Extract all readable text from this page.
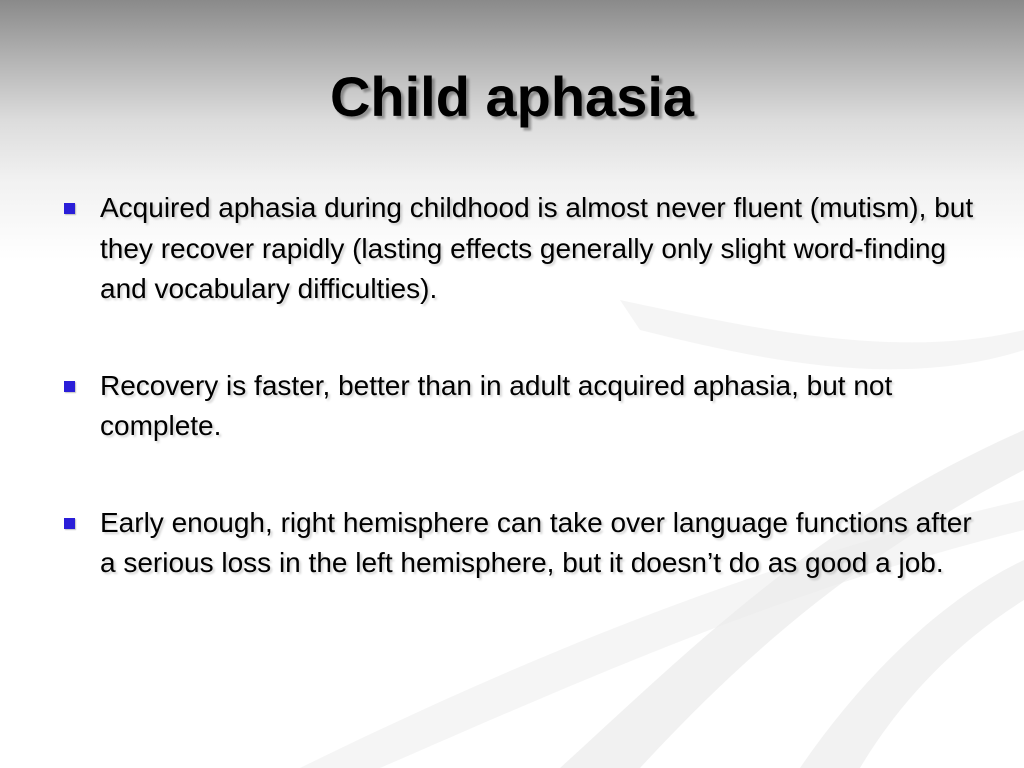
Child aphasia
Acquired aphasia during childhood is almost never fluent (mutism), but they recover rapidly (lasting effects generally only slight word-finding and vocabulary difficulties).
Recovery is faster, better than in adult acquired aphasia, but not complete.
Early enough, right hemisphere can take over language functions after a serious loss in the left hemisphere, but it doesn’t do as good a job.
